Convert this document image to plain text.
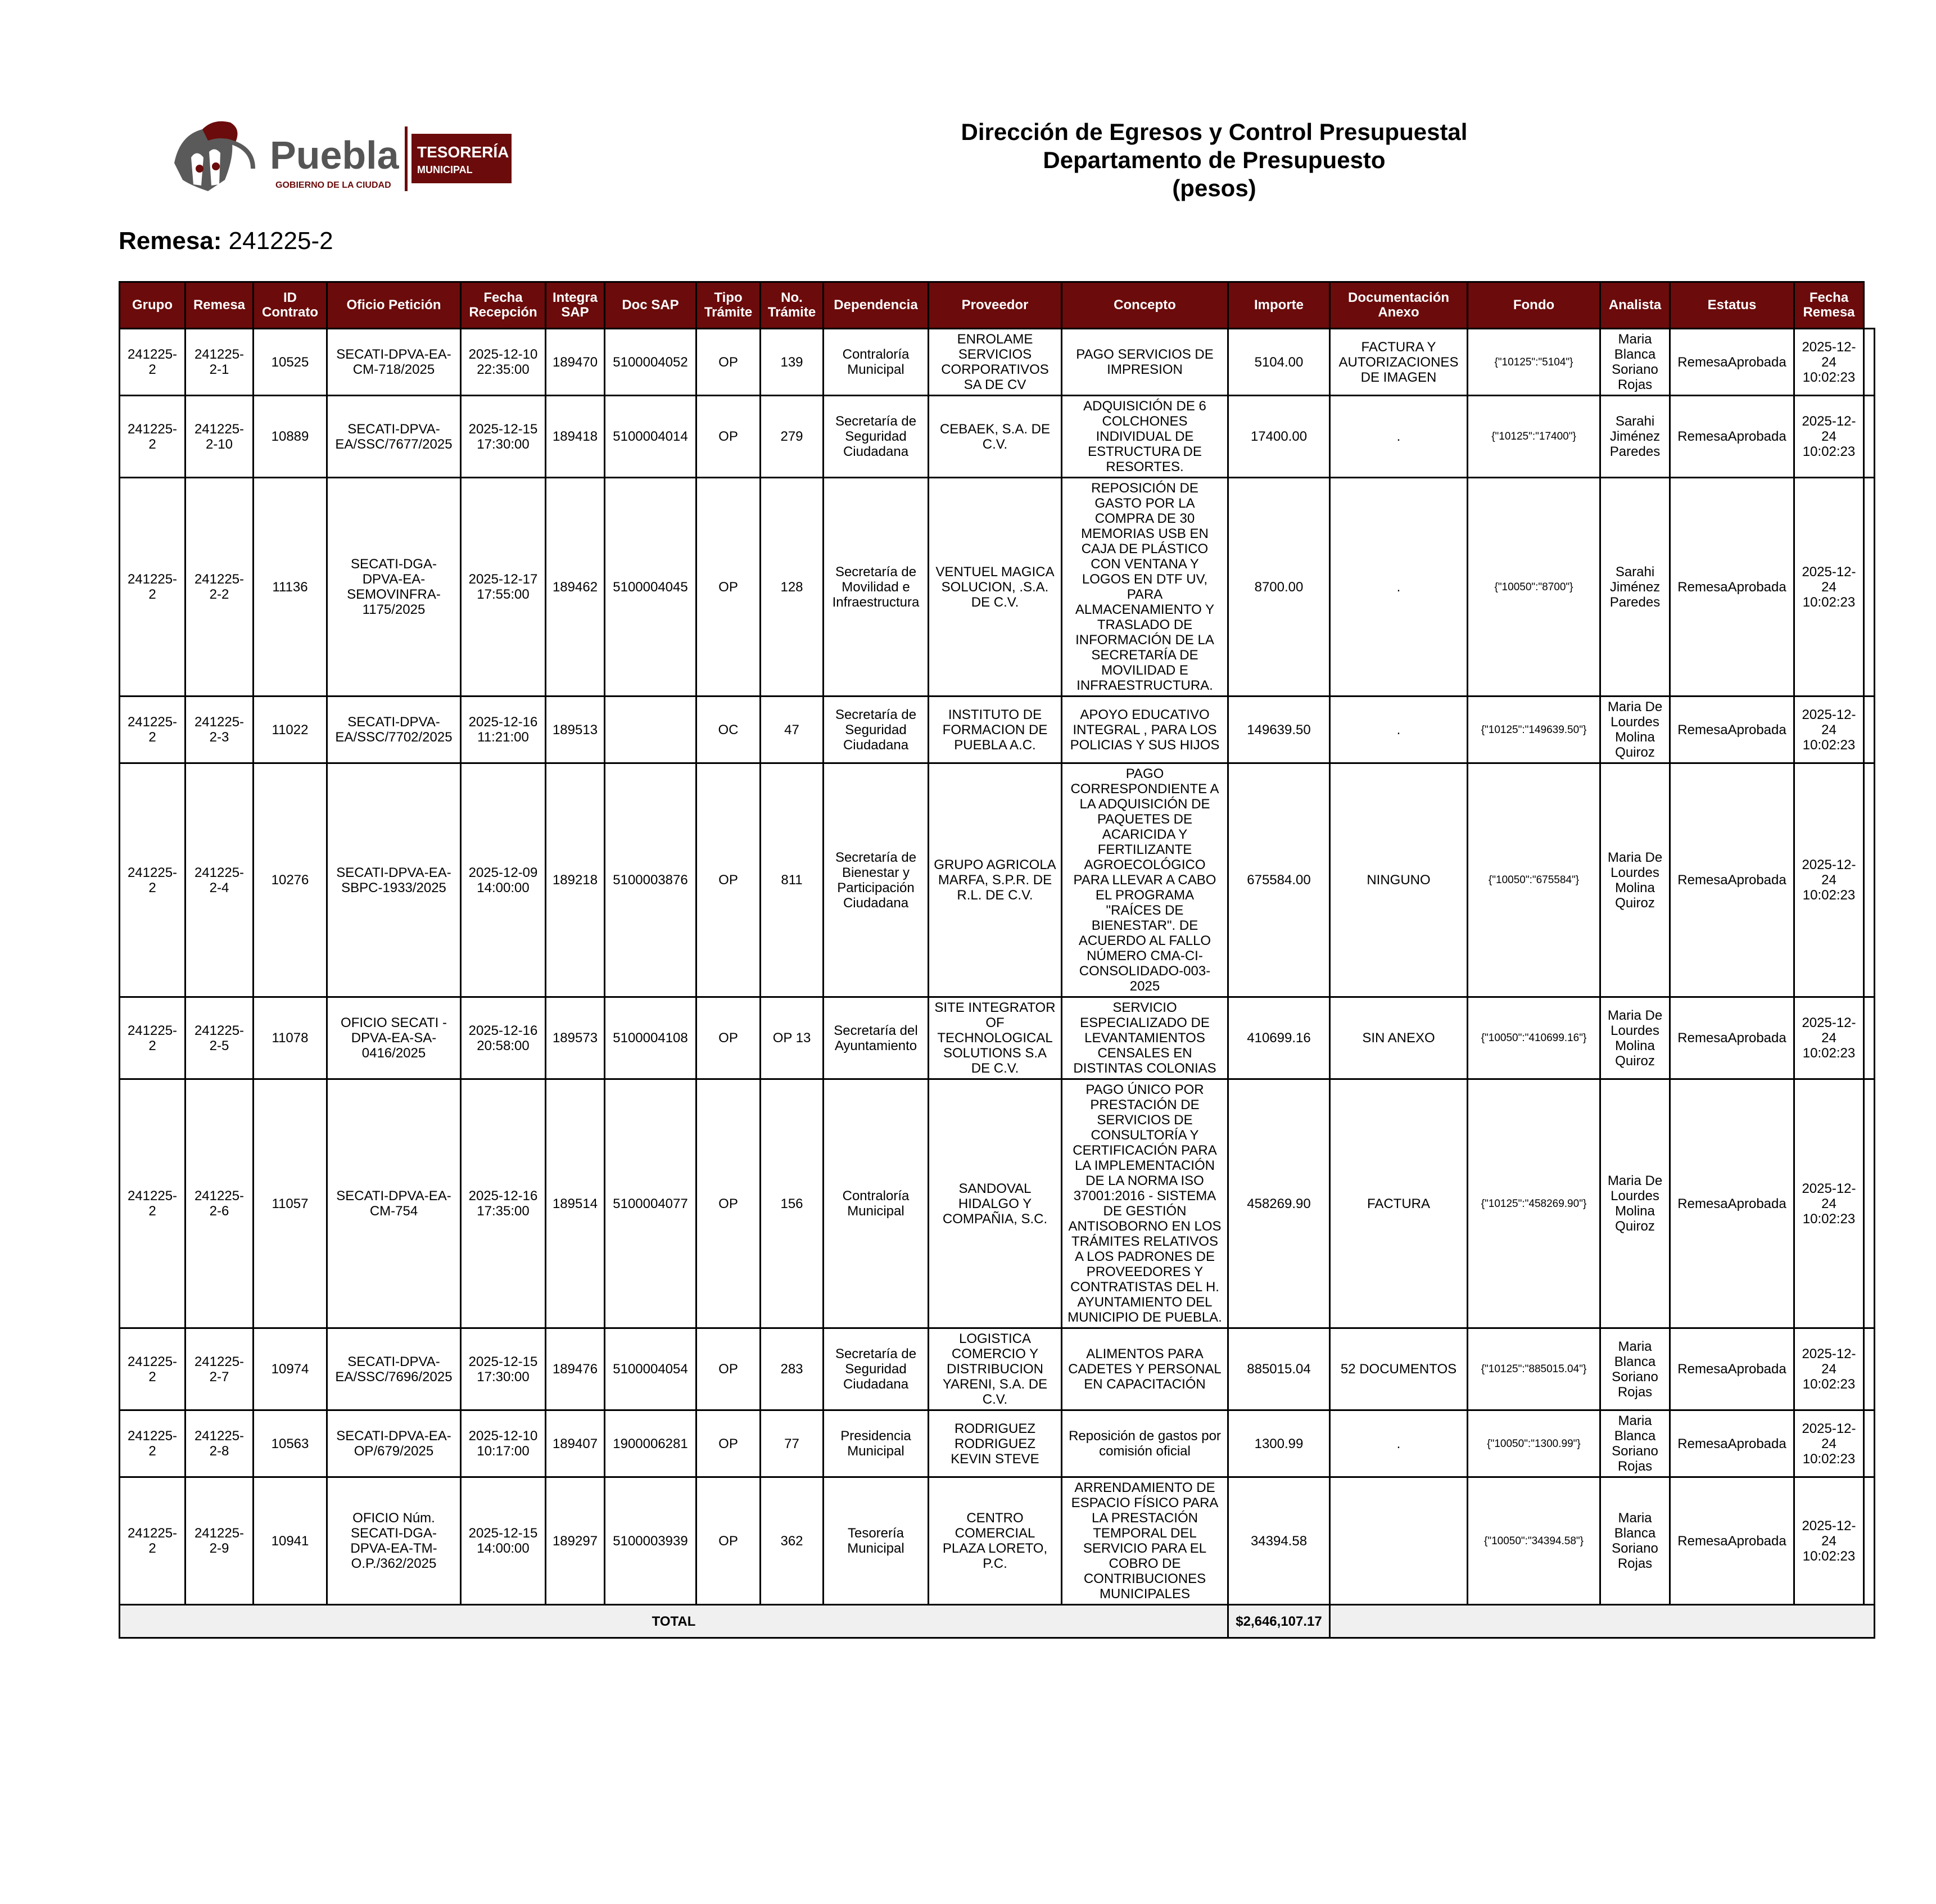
Puebla
GOBIERNO DE LA CIUDAD
TESORERÍA
MUNICIPAL
Dirección de Egresos y Control Presupuestal
Departamento de Presupuesto
(pesos)
Remesa: 241225-2
Grupo	Remesa	ID Contrato	Oficio Petición	Fecha Recepción	Integra SAP	Doc SAP	Tipo Trámite	No. Trámite	Dependencia	Proveedor	Concepto	Importe	Documentación Anexo	Fondo	Analista	Estatus	Fecha Remesa	
241225-2	241225-2-1	10525	SECATI-DPVA-EA-CM-718/2025	2025-12-10 22:35:00	189470	5100004052	OP	139	Contraloría Municipal	ENROLAME SERVICIOS CORPORATIVOS SA DE CV	PAGO SERVICIOS DE IMPRESION	5104.00	FACTURA Y AUTORIZACIONES DE IMAGEN	{"10125":"5104"}	Maria Blanca Soriano Rojas	RemesaAprobada	2025-12-24 10:02:23	
241225-2	241225-2-10	10889	SECATI-DPVA-EA/SSC/7677/2025	2025-12-15 17:30:00	189418	5100004014	OP	279	Secretaría de Seguridad Ciudadana	CEBAEK, S.A. DE C.V.	ADQUISICIÓN DE 6 COLCHONES INDIVIDUAL DE ESTRUCTURA DE RESORTES.	17400.00	.	{"10125":"17400"}	Sarahi Jiménez Paredes	RemesaAprobada	2025-12-24 10:02:23	
241225-2	241225-2-2	11136	SECATI-DGA-DPVA-EA-SEMOVINFRA-1175/2025	2025-12-17 17:55:00	189462	5100004045	OP	128	Secretaría de Movilidad e Infraestructura	VENTUEL MAGICA SOLUCION, .S.A. DE C.V.	REPOSICIÓN DE GASTO POR LA COMPRA DE 30 MEMORIAS USB EN CAJA DE PLÁSTICO CON VENTANA Y LOGOS EN DTF UV, PARA ALMACENAMIENTO Y TRASLADO DE INFORMACIÓN DE LA SECRETARÍA DE MOVILIDAD E INFRAESTRUCTURA.	8700.00	.	{"10050":"8700"}	Sarahi Jiménez Paredes	RemesaAprobada	2025-12-24 10:02:23	
241225-2	241225-2-3	11022	SECATI-DPVA-EA/SSC/7702/2025	2025-12-16 11:21:00	189513		OC	47	Secretaría de Seguridad Ciudadana	INSTITUTO DE FORMACION DE PUEBLA A.C.	APOYO EDUCATIVO INTEGRAL , PARA LOS POLICIAS Y SUS HIJOS	149639.50	.	{"10125":"149639.50"}	Maria De Lourdes Molina Quiroz	RemesaAprobada	2025-12-24 10:02:23	
241225-2	241225-2-4	10276	SECATI-DPVA-EA-SBPC-1933/2025	2025-12-09 14:00:00	189218	5100003876	OP	811	Secretaría de Bienestar y Participación Ciudadana	GRUPO AGRICOLA MARFA, S.P.R. DE R.L. DE C.V.	PAGO CORRESPONDIENTE A LA ADQUISICIÓN DE PAQUETES DE ACARICIDA Y FERTILIZANTE AGROECOLÓGICO PARA LLEVAR A CABO EL PROGRAMA "RAÍCES DE BIENESTAR". DE ACUERDO AL FALLO NÚMERO CMA-CI-CONSOLIDADO-003-2025	675584.00	NINGUNO	{"10050":"675584"}	Maria De Lourdes Molina Quiroz	RemesaAprobada	2025-12-24 10:02:23	
241225-2	241225-2-5	11078	OFICIO SECATI - DPVA-EA-SA-0416/2025	2025-12-16 20:58:00	189573	5100004108	OP	OP 13	Secretaría del Ayuntamiento	SITE INTEGRATOR OF TECHNOLOGICAL SOLUTIONS S.A DE C.V.	SERVICIO ESPECIALIZADO DE LEVANTAMIENTOS CENSALES EN DISTINTAS COLONIAS	410699.16	SIN ANEXO	{"10050":"410699.16"}	Maria De Lourdes Molina Quiroz	RemesaAprobada	2025-12-24 10:02:23	
241225-2	241225-2-6	11057	SECATI-DPVA-EA-CM-754	2025-12-16 17:35:00	189514	5100004077	OP	156	Contraloría Municipal	SANDOVAL HIDALGO Y COMPAÑIA, S.C.	PAGO ÚNICO POR PRESTACIÓN DE SERVICIOS DE CONSULTORÍA Y CERTIFICACIÓN PARA LA IMPLEMENTACIÓN DE LA NORMA ISO 37001:2016 - SISTEMA DE GESTIÓN ANTISOBORNO EN LOS TRÁMITES RELATIVOS A LOS PADRONES DE PROVEEDORES Y CONTRATISTAS DEL H. AYUNTAMIENTO DEL MUNICIPIO DE PUEBLA.	458269.90	FACTURA	{"10125":"458269.90"}	Maria De Lourdes Molina Quiroz	RemesaAprobada	2025-12-24 10:02:23	
241225-2	241225-2-7	10974	SECATI-DPVA-EA/SSC/7696/2025	2025-12-15 17:30:00	189476	5100004054	OP	283	Secretaría de Seguridad Ciudadana	LOGISTICA COMERCIO Y DISTRIBUCION YARENI, S.A. DE C.V.	ALIMENTOS PARA CADETES Y PERSONAL EN CAPACITACIÓN	885015.04	52 DOCUMENTOS	{"10125":"885015.04"}	Maria Blanca Soriano Rojas	RemesaAprobada	2025-12-24 10:02:23	
241225-2	241225-2-8	10563	SECATI-DPVA-EA-OP/679/2025	2025-12-10 10:17:00	189407	1900006281	OP	77	Presidencia Municipal	RODRIGUEZ RODRIGUEZ KEVIN STEVE	Reposición de gastos por comisión oficial	1300.99	.	{"10050":"1300.99"}	Maria Blanca Soriano Rojas	RemesaAprobada	2025-12-24 10:02:23	
241225-2	241225-2-9	10941	OFICIO Núm. SECATI-DGA-DPVA-EA-TM-O.P./362/2025	2025-12-15 14:00:00	189297	5100003939	OP	362	Tesorería Municipal	CENTRO COMERCIAL PLAZA LORETO, P.C.	ARRENDAMIENTO DE ESPACIO FÍSICO PARA LA PRESTACIÓN TEMPORAL DEL SERVICIO PARA EL COBRO DE CONTRIBUCIONES MUNICIPALES	34394.58		{"10050":"34394.58"}	Maria Blanca Soriano Rojas	RemesaAprobada	2025-12-24 10:02:23	
TOTAL												$2,646,107.17						
